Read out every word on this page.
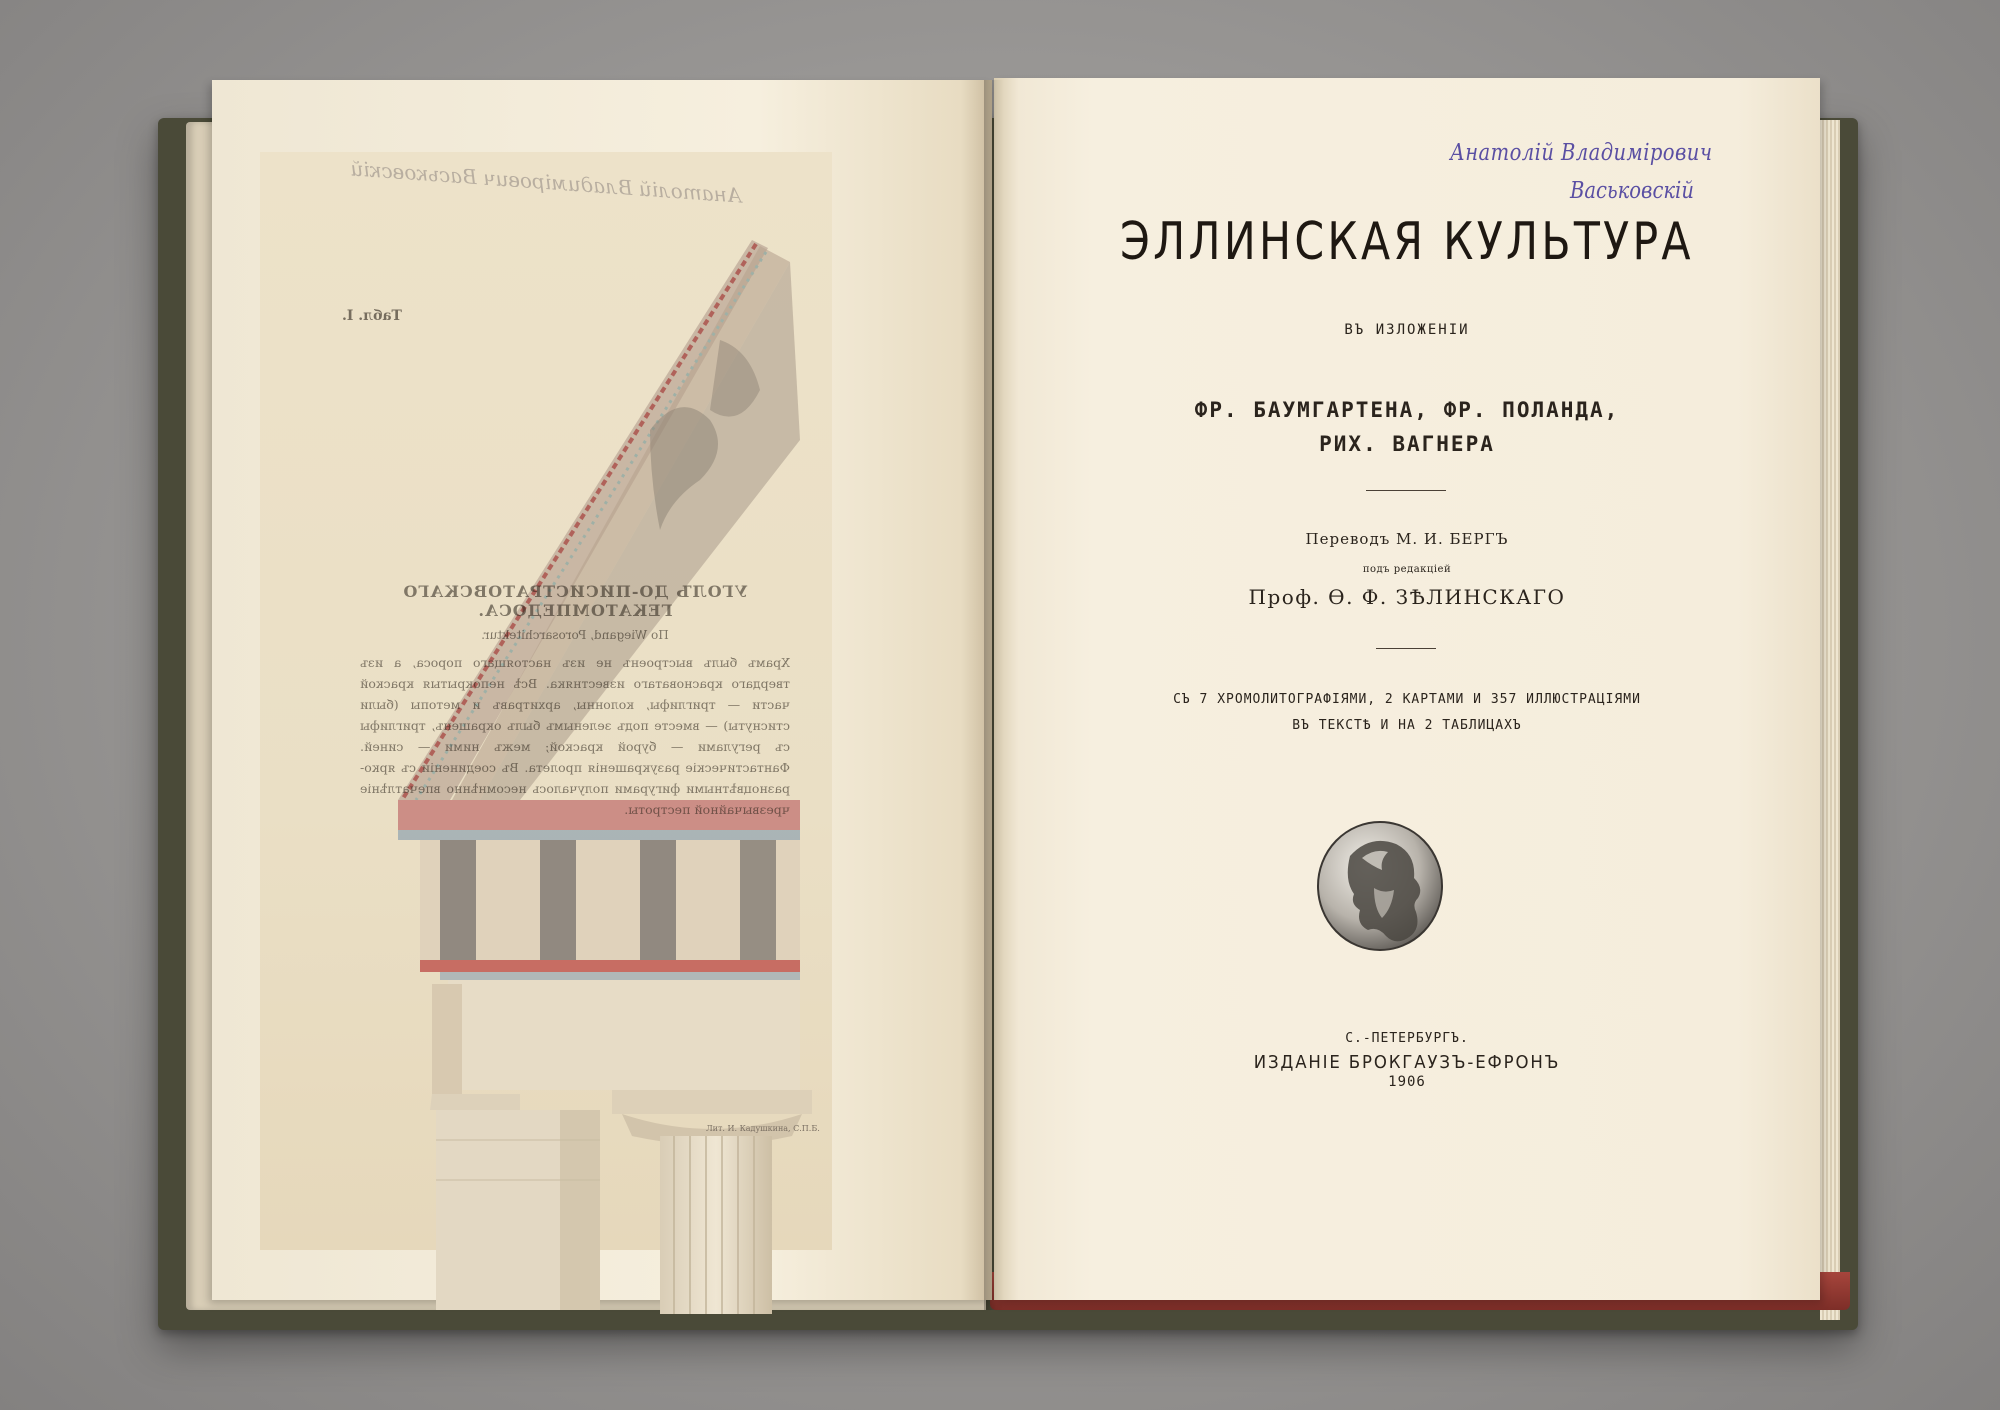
Анатолій Владимірович Васьковскій
Табл. I.
УГОЛЪ ДО-ПИСИСТРАТОВСКАГО ГЕКАТОМПЕДОСА.
По Wiegand, Porosarchitektur.
Храмъ былъ выстроенъ не изъ настоящаго пороса, а изъ твердаго красноватаго известняка. Всѣ непокрытыя краской части — триглифы, колонны, архитравъ и метопы (были стиснуты) — вместе подъ зеленымъ былъ окрашенъ, триглифы съ регулами — бурой краской; межъ ними — синей. Фантастическіе разукрашенія пролета. Въ соединеніи съ ярко-разноцвѣтными фигурами получалось несомнѣнно впечатлѣніе чрезвычайной пестроты.
Лит. И. Кадушкина, С.П.Б.
Анатолій Владимірович
Васьковскій
ЭЛЛИНСКАЯ КУЛЬТУРА
ВЪ ИЗЛОЖЕНІИ
ФР. БАУМГАРТЕНА, ФР. ПОЛАНДА,
РИХ. ВАГНЕРА
Переводъ М. И. БЕРГЪ
подъ редакціей
Проф. Ѳ. Ф. ЗѢЛИНСКАГО
СЪ 7 ХРОМОЛИТОГРАФІЯМИ, 2 КАРТАМИ И 357 ИЛЛЮСТРАЦІЯМИ
ВЪ ТЕКСТѢ И НА 2 ТАБЛИЦАХЪ
С.-ПЕТЕРБУРГЪ.
ИЗДАНІЕ БРОКГАУЗЪ-ЕФРОНЪ
1906
